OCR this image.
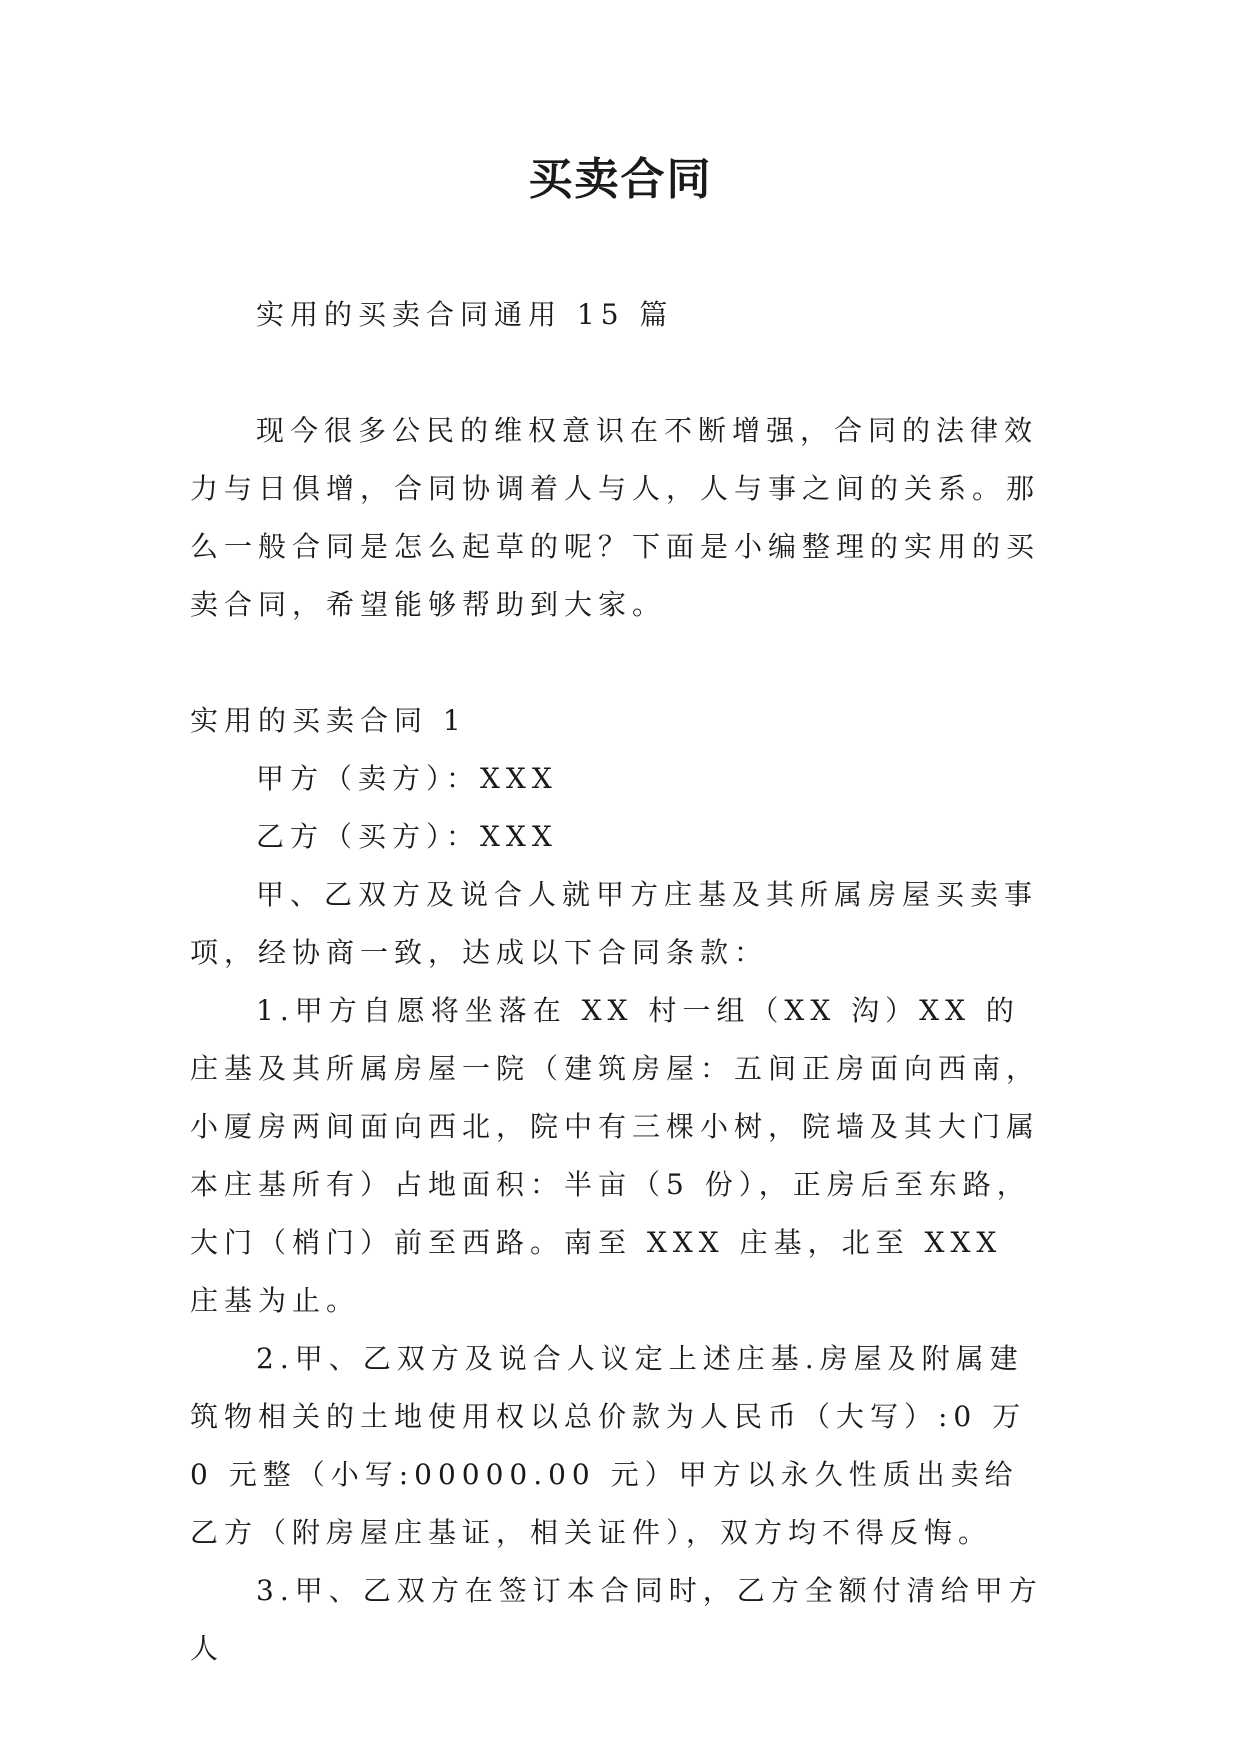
买卖合同

实用的买卖合同通用 15 篇

现今很多公民的维权意识在不断增强，合同的法律效力与日俱增，合同协调着人与人，人与事之间的关系。那么一般合同是怎么起草的呢？下面是小编整理的实用的买卖合同，希望能够帮助到大家。

实用的买卖合同 1

甲方（卖方）：XXX

乙方（买方）：XXX

甲、乙双方及说合人就甲方庄基及其所属房屋买卖事项，经协商一致，达成以下合同条款：

1.甲方自愿将坐落在 XX 村一组（XX 沟）XX 的庄基及其所属房屋一院（建筑房屋：五间正房面向西南，小厦房两间面向西北，院中有三棵小树，院墙及其大门属本庄基所有）占地面积：半亩（5 份），正房后至东路，大门（梢门）前至西路。南至 XXX 庄基，北至 XXX 庄基为止。

2.甲、乙双方及说合人议定上述庄基.房屋及附属建筑物相关的土地使用权以总价款为人民币（大写）:0 万 0 元整（小写:00000.00 元）甲方以永久性质出卖给乙方（附房屋庄基证，相关证件），双方均不得反悔。

3.甲、乙双方在签订本合同时，乙方全额付清给甲方人
